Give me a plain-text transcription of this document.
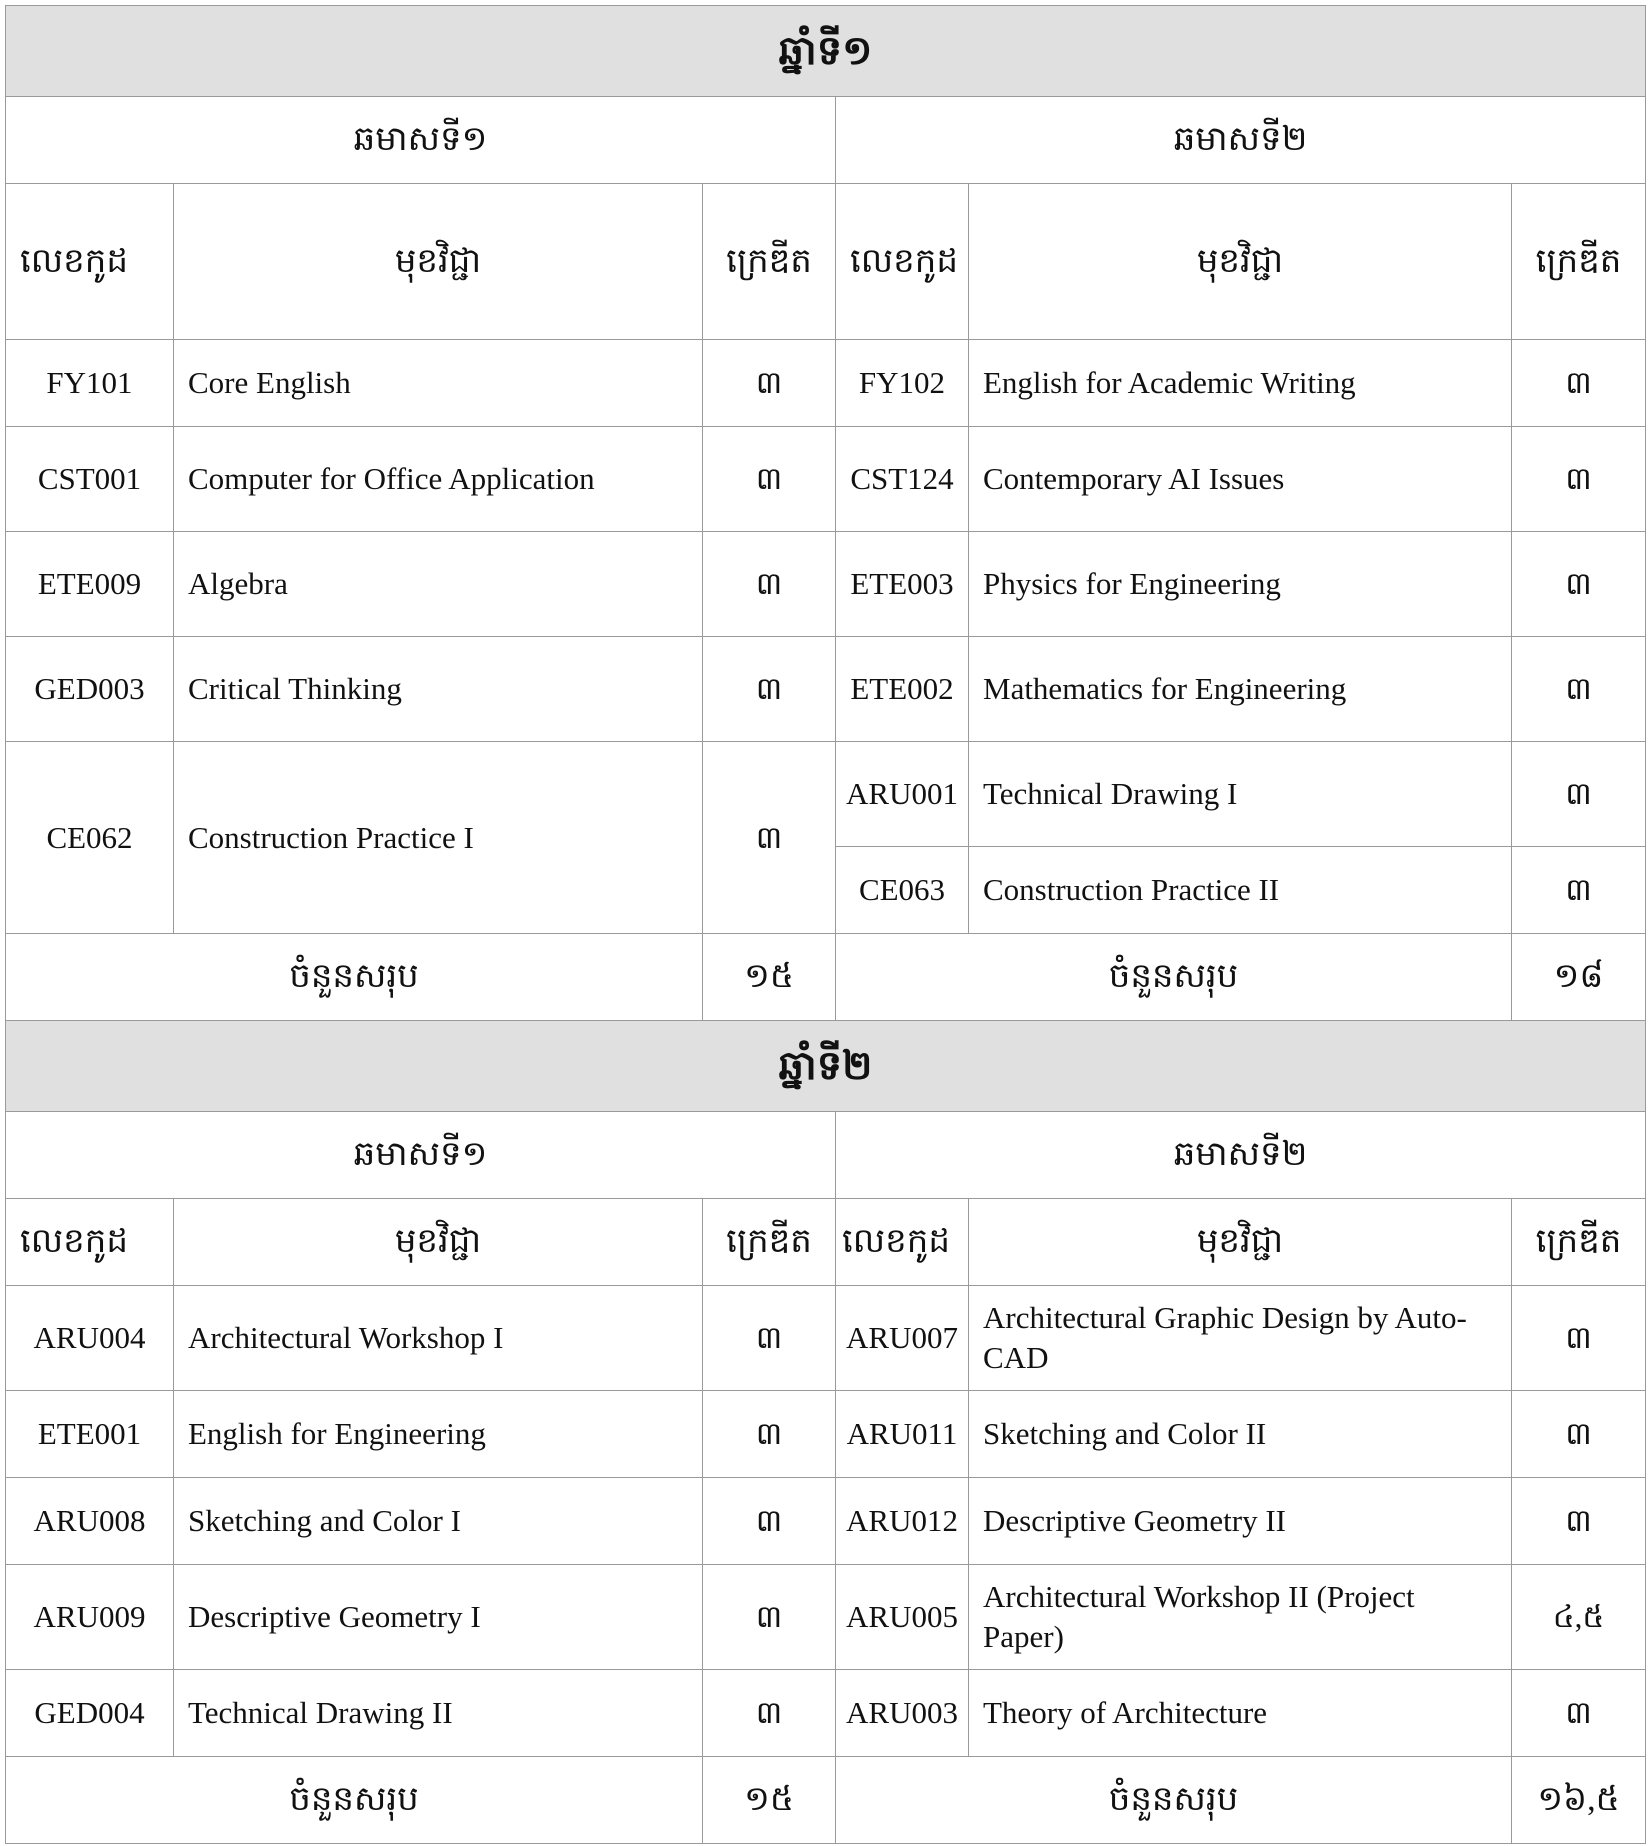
ឆ្នាំទី១					
ឆមាសទី១			ឆមាសទី២		
លេខកូដ	មុខវិជ្ជា	ក្រេឌីត	លេខកូដ	មុខវិជ្ជា	ក្រេឌីត
FY101	Core English	៣	FY102	English for Academic Writing	៣
CST001	Computer for Office Application	៣	CST124	Contemporary AI Issues	៣
ETE009	Algebra	៣	ETE003	Physics for Engineering	៣
GED003	Critical Thinking	៣	ETE002	Mathematics for Engineering	៣
CE062	Construction Practice I	៣	ARU001	Technical Drawing I	៣
			CE063	Construction Practice II	៣
ចំនួនសរុប		១៥	ចំនួនសរុប		១៨
ឆ្នាំទី២					
ឆមាសទី១			ឆមាសទី២		
លេខកូដ	មុខវិជ្ជា	ក្រេឌីត	លេខកូដ	មុខវិជ្ជា	ក្រេឌីត
ARU004	Architectural Workshop I	៣	ARU007	Architectural Graphic Design by Auto-CAD	៣
ETE001	English for Engineering	៣	ARU011	Sketching and Color II	៣
ARU008	Sketching and Color I	៣	ARU012	Descriptive Geometry II	៣
ARU009	Descriptive Geometry I	៣	ARU005	Architectural Workshop II (Project Paper)	៤,៥
GED004	Technical Drawing II	៣	ARU003	Theory of Architecture	៣
ចំនួនសរុប		១៥	ចំនួនសរុប		១៦,៥
